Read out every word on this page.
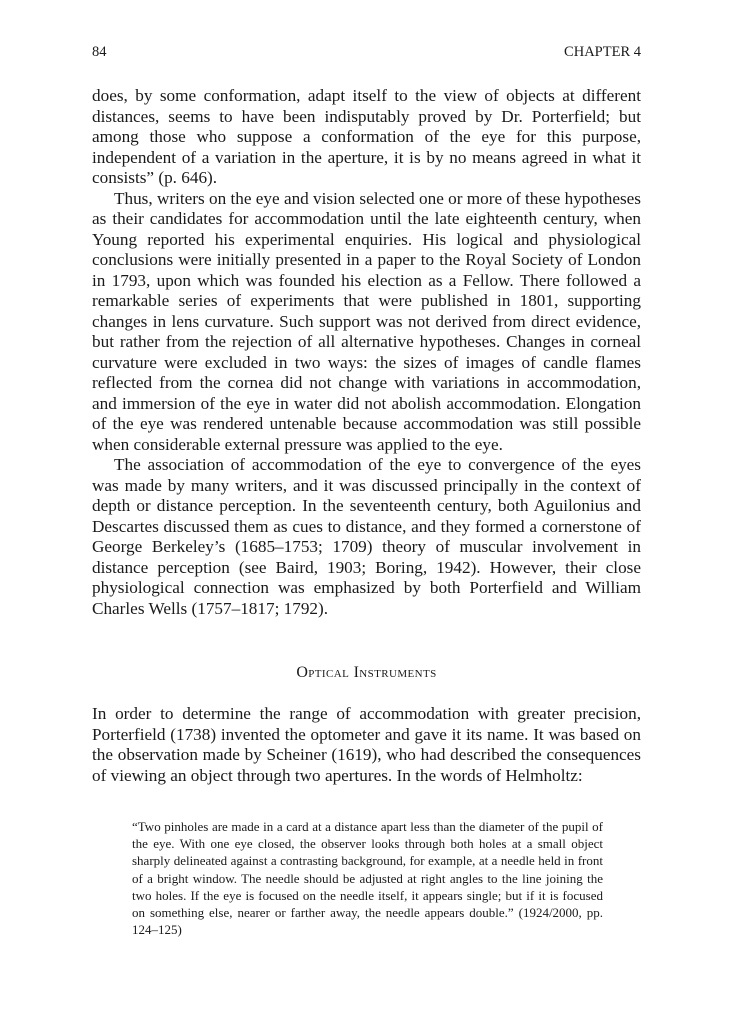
84	CHAPTER 4

does, by some conformation, adapt itself to the view of objects at different distances, seems to have been indisputably proved by Dr. Porterfield; but among those who suppose a conformation of the eye for this purpose, independent of a variation in the aperture, it is by no means agreed in what it consists” (p. 646).

Thus, writers on the eye and vision selected one or more of these hypotheses as their candidates for accommodation until the late eighteenth century, when Young reported his experimental enquiries. His logical and physiological conclusions were initially presented in a paper to the Royal Society of London in 1793, upon which was founded his election as a Fellow. There followed a remarkable series of experiments that were published in 1801, supporting changes in lens curvature. Such support was not derived from direct evidence, but rather from the rejection of all alternative hypotheses. Changes in corneal curvature were excluded in two ways: the sizes of images of candle flames reflected from the cornea did not change with variations in accommodation, and immersion of the eye in water did not abolish accommodation. Elongation of the eye was rendered untenable because accommodation was still possible when considerable external pressure was applied to the eye.

The association of accommodation of the eye to convergence of the eyes was made by many writers, and it was discussed principally in the context of depth or distance perception. In the seventeenth century, both Aguilonius and Descartes discussed them as cues to distance, and they formed a cornerstone of George Berkeley’s (1685–1753; 1709) theory of muscular involvement in distance perception (see Baird, 1903; Boring, 1942). However, their close physiological connection was emphasized by both Porterfield and William Charles Wells (1757–1817; 1792).

Optical Instruments

In order to determine the range of accommodation with greater precision, Porterfield (1738) invented the optometer and gave it its name. It was based on the observation made by Scheiner (1619), who had described the consequences of viewing an object through two apertures. In the words of Helmholtz:

“Two pinholes are made in a card at a distance apart less than the diameter of the pupil of the eye. With one eye closed, the observer looks through both holes at a small object sharply delineated against a contrasting background, for example, at a needle held in front of a bright window. The needle should be adjusted at right angles to the line joining the two holes. If the eye is focused on the needle itself, it appears single; but if it is focused on something else, nearer or farther away, the needle appears double.” (1924/2000, pp. 124–125)
